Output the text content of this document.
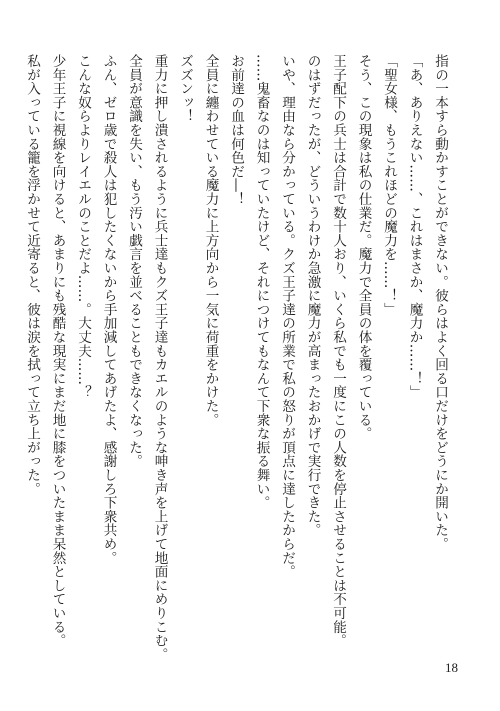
指の一本すら動かすことができない。彼らはよく回る口だけをどうにか開いた。
「あ、ありえない……、これはまさか、魔力か……！」
「聖女様、もうこれほどの魔力を……！」
そう、この現象は私の仕業だ。魔力で全員の体を覆っている。
王子配下の兵士は合計で数十人おり、いくら私でも一度にこの人数を停止させることは不可能。
のはずだったが、どういうわけか急激に魔力が高まったおかげで実行できた。
いや、理由なら分かっている。クズ王子達の所業で私の怒りが頂点に達したからだ。
……鬼畜なのは知っていたけど、それにつけてもなんて下衆な振る舞い。
お前達の血は何色だ―！
全員に纏わせている魔力に上方向から一気に荷重をかけた。
ズズンッ！
重力に押し潰されるように兵士達もクズ王子達もカエルのような呻き声を上げて地面にめりこむ。
全員が意識を失い、もう汚い戯言を並べることもできなくなった。
ふん、ゼロ歳で殺人は犯したくないから手加減してあげたよ、感謝しろ下衆共め。
こんな奴らよりレイエルのことだよ……。大丈夫……？
少年王子に視線を向けると、あまりにも残酷な現実にまだ地に膝をついたまま呆然としている。
私が入っている籠を浮かせて近寄ると、彼は涙を拭って立ち上がった。
18
